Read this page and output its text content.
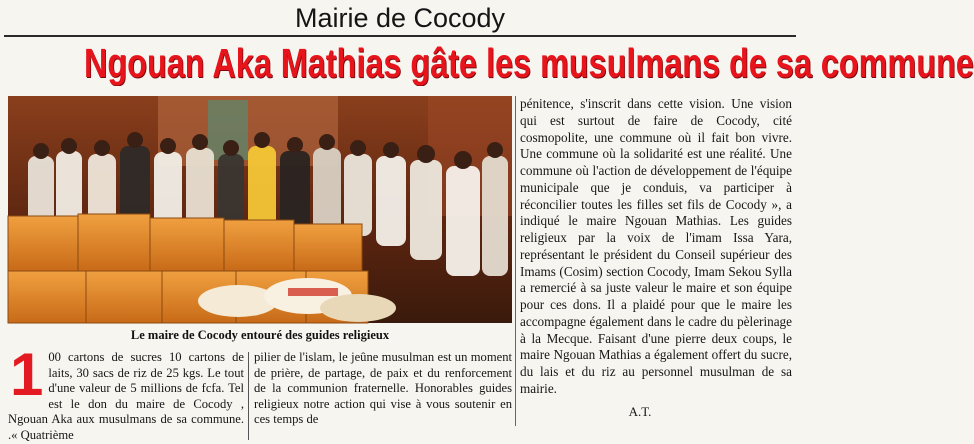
Mairie de Cocody
Ngouan Aka Mathias gâte les musulmans de sa commune
Le maire de Cocody entouré des guides religieux
1 00 cartons de sucres 10 cartons de laits, 30 sacs de riz de 25 kgs. Le tout d'une valeur de 5 millions de fcfa. Tel est le don du maire de Cocody , Ngouan Aka aux musulmans de sa commune. .« Quatrième
pilier de l'islam, le jeûne musulman est un moment de prière, de partage, de paix et du renforcement de la communion fraternelle. Honorables guides religieux notre action qui vise à vous soutenir en ces temps de
pénitence, s'inscrit dans cette vision. Une vision qui est surtout de faire de Cocody, cité cosmopolite, une commune où il fait bon vivre. Une commune où la solidarité est une réalité. Une commune où l'action de développement de l'équipe municipale que je conduis, va participer à réconcilier toutes les filles set fils de Cocody », a indiqué le maire Ngouan Mathias. Les guides religieux par la voix de l'imam Issa Yara, représentant le président du Conseil supérieur des Imams (Cosim) section Cocody, Imam Sekou Sylla a remercié à sa juste valeur le maire et son équipe pour ces dons. Il a plaidé pour que le maire les accompagne également dans le cadre du pèlerinage à la Mecque. Faisant d'une pierre deux coups, le maire Ngouan Mathias a également offert du sucre, du lais et du riz au personnel musulman de sa mairie.
A.T.
